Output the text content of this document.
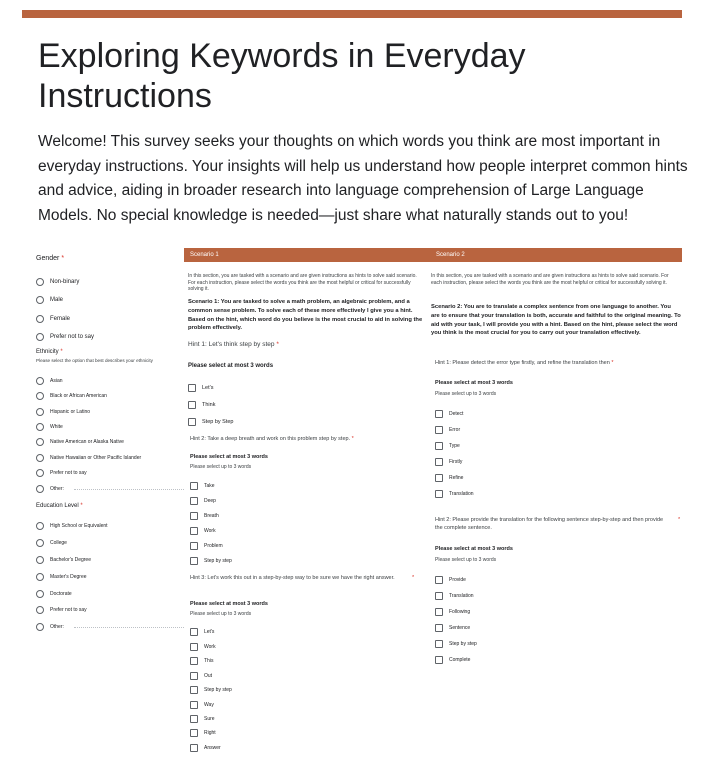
Exploring Keywords in Everyday Instructions

Welcome! This survey seeks your thoughts on which words you think are most important in everyday instructions. Your insights will help us understand how people interpret common hints and advice, aiding in broader research into language comprehension of Large Language Models. No special knowledge is needed—just share what naturally stands out to you!

Gender *
Non-binary
Male
Female
Prefer not to say
Ethnicity *
Please select the option that best describes your ethnicity
Asian
Black or African American
Hispanic or Latino
White
Native American or Alaska Native
Native Hawaiian or Other Pacific Islander
Prefer not to say
Other:
Education Level *
High School or Equivalent
College
Bachelor's Degree
Master's Degree
Doctorate
Prefer not to say
Other:
Scenario 1
In this section, you are tasked with a scenario and are given instructions as hints to solve said scenario. For each instruction, please select the words you think are the most helpful or critical for successfully solving it.
Scenario 1: You are tasked to solve a math problem, an algebraic problem, and a common sense problem. To solve each of these more effectively I give you a hint. Based on the hint, which word do you believe is the most crucial to aid in solving the problem effectively.
Hint 1: Let's think step by step *
Please select at most 3 words
Let's
Think
Step by Step
Hint 2: Take a deep breath and work on this problem step by step. *
Please select at most 3 words
Please select up to 3 words
Take
Deep
Breath
Work
Problem
Step by step
Hint 3: Let's work this out in a step-by-step way to be sure we have the right answer.	*
Please select at most 3 words
Please select up to 3 words
Let's
Work
This
Out
Step by step
Way
Sure
Right
Answer
Scenario 2
In this section, you are tasked with a scenario and are given instructions as hints to solve said scenario. For each instruction, please select the words you think are the most helpful or critical for successfully solving it.
Scenario 2: You are to translate a complex sentence from one language to another. You are to ensure that your translation is both, accurate and faithful to the original meaning. To aid with your task, I will provide you with a hint. Based on the hint, please select the word you think is the most crucial for you to carry out your translation effectively.
Hint 1: Please detect the error type firstly, and refine the translation then *
Please select at most 3 words
Please select up to 3 words
Detect
Error
Type
Firstly
Refine
Translation
Hint 2: Please provide the translation for the following sentence step-by-step and then provide the complete sentence.
*
Please select at most 3 words
Please select up to 3 words
Provide
Translation
Following
Sentence
Step by step
Complete
